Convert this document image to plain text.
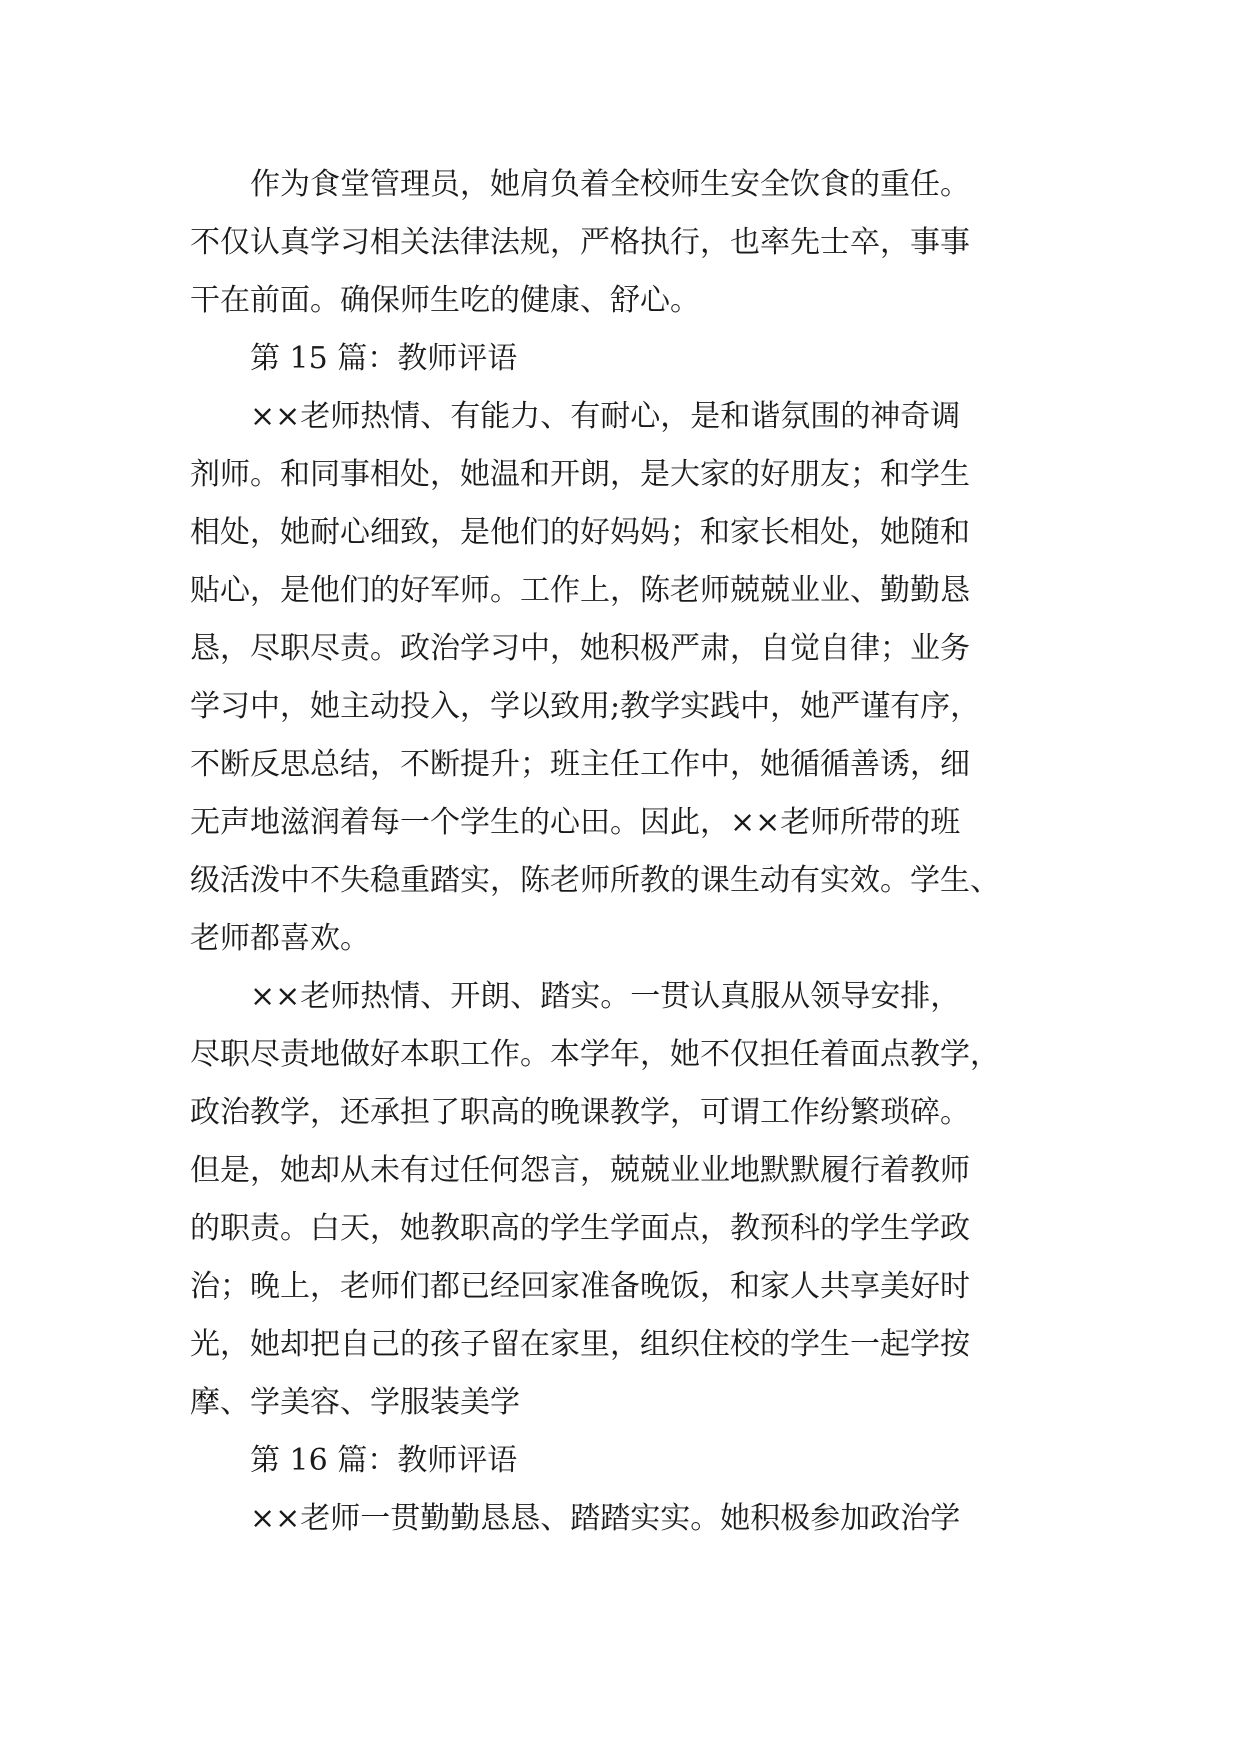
　　作为食堂管理员，她肩负着全校师生安全饮食的重任。
不仅认真学习相关法律法规，严格执行，也率先士卒，事事
干在前面。确保师生吃的健康、舒心。
　　第 15 篇：教师评语
　　××老师热情、有能力、有耐心，是和谐氛围的神奇调
剂师。和同事相处，她温和开朗，是大家的好朋友；和学生
相处，她耐心细致，是他们的好妈妈；和家长相处，她随和
贴心，是他们的好军师。工作上，陈老师兢兢业业、勤勤恳
恳，尽职尽责。政治学习中，她积极严肃，自觉自律；业务
学习中，她主动投入，学以致用;教学实践中，她严谨有序，
不断反思总结，不断提升；班主任工作中，她循循善诱，细
无声地滋润着每一个学生的心田。因此，××老师所带的班
级活泼中不失稳重踏实，陈老师所教的课生动有实效。学生、
老师都喜欢。
　　××老师热情、开朗、踏实。一贯认真服从领导安排，
尽职尽责地做好本职工作。本学年，她不仅担任着面点教学，
政治教学，还承担了职高的晚课教学，可谓工作纷繁琐碎。
但是，她却从未有过任何怨言，兢兢业业地默默履行着教师
的职责。白天，她教职高的学生学面点，教预科的学生学政
治；晚上，老师们都已经回家准备晚饭，和家人共享美好时
光，她却把自己的孩子留在家里，组织住校的学生一起学按
摩、学美容、学服装美学
　　第 16 篇：教师评语
　　××老师一贯勤勤恳恳、踏踏实实。她积极参加政治学
